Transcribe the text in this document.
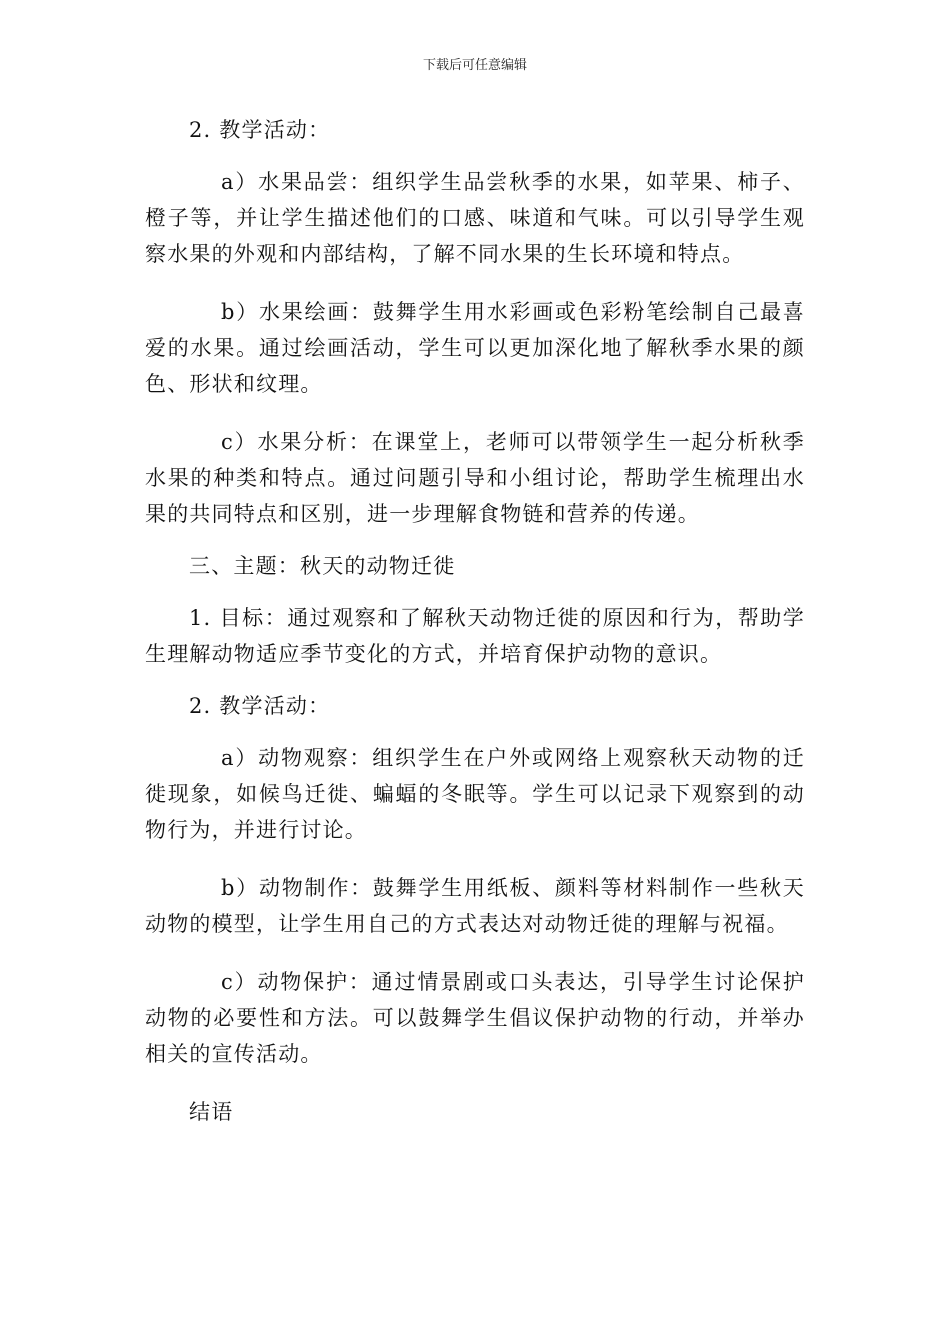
下载后可任意编辑

2. 教学活动：

a）水果品尝：组织学生品尝秋季的水果，如苹果、柿子、橙子等，并让学生描述他们的口感、味道和气味。可以引导学生观察水果的外观和内部结构，了解不同水果的生长环境和特点。

b）水果绘画：鼓舞学生用水彩画或色彩粉笔绘制自己最喜爱的水果。通过绘画活动，学生可以更加深化地了解秋季水果的颜色、形状和纹理。

c）水果分析：在课堂上，老师可以带领学生一起分析秋季水果的种类和特点。通过问题引导和小组讨论，帮助学生梳理出水果的共同特点和区别，进一步理解食物链和营养的传递。

三、主题：秋天的动物迁徙

1. 目标：通过观察和了解秋天动物迁徙的原因和行为，帮助学生理解动物适应季节变化的方式，并培育保护动物的意识。

2. 教学活动：

a）动物观察：组织学生在户外或网络上观察秋天动物的迁徙现象，如候鸟迁徙、蝙蝠的冬眠等。学生可以记录下观察到的动物行为，并进行讨论。

b）动物制作：鼓舞学生用纸板、颜料等材料制作一些秋天动物的模型，让学生用自己的方式表达对动物迁徙的理解与祝福。

c）动物保护：通过情景剧或口头表达，引导学生讨论保护动物的必要性和方法。可以鼓舞学生倡议保护动物的行动，并举办相关的宣传活动。

结语
